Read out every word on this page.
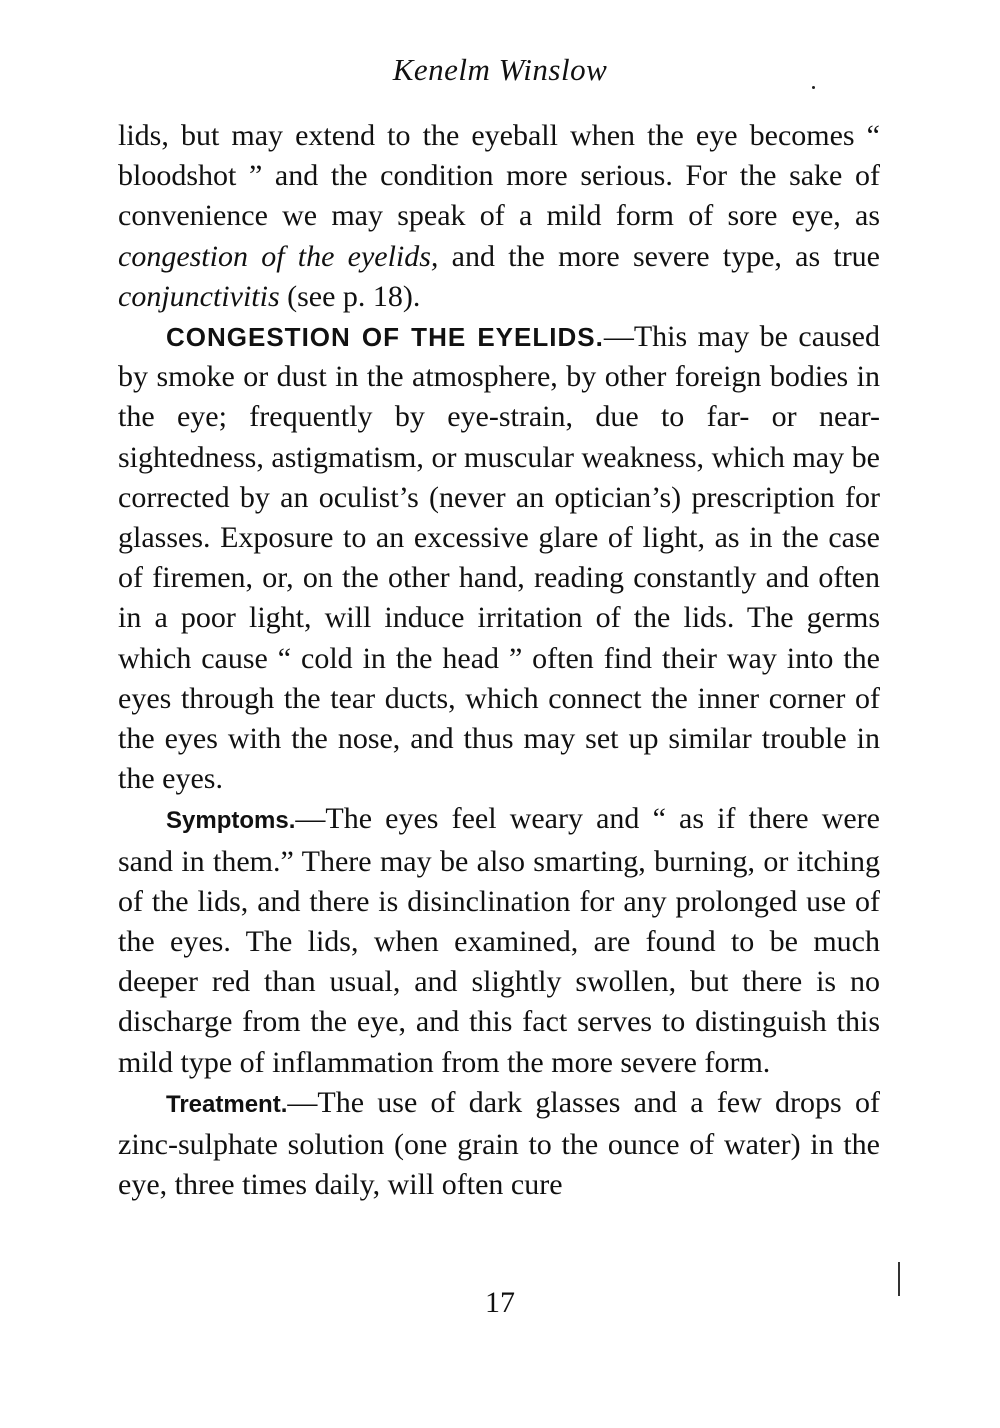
Kenelm Winslow

lids, but may extend to the eyeball when the eye becomes “ bloodshot ” and the condition more serious. For the sake of convenience we may speak of a mild form of sore eye, as congestion of the eyelids, and the more severe type, as true conjunctivitis (see p. 18).

CONGESTION OF THE EYELIDS.—This may be caused by smoke or dust in the atmosphere, by other foreign bodies in the eye; frequently by eye-strain, due to far- or near-sightedness, astigmatism, or muscular weakness, which may be corrected by an oculist’s (never an optician’s) prescription for glasses. Exposure to an excessive glare of light, as in the case of firemen, or, on the other hand, reading constantly and often in a poor light, will induce irritation of the lids. The germs which cause “ cold in the head ” often find their way into the eyes through the tear ducts, which connect the inner corner of the eyes with the nose, and thus may set up similar trouble in the eyes.

Symptoms.—The eyes feel weary and “ as if there were sand in them.” There may be also smarting, burning, or itching of the lids, and there is disinclination for any prolonged use of the eyes. The lids, when examined, are found to be much deeper red than usual, and slightly swollen, but there is no discharge from the eye, and this fact serves to distinguish this mild type of inflammation from the more severe form.

Treatment.—The use of dark glasses and a few drops of zinc-sulphate solution (one grain to the ounce of water) in the eye, three times daily, will often cure

17
